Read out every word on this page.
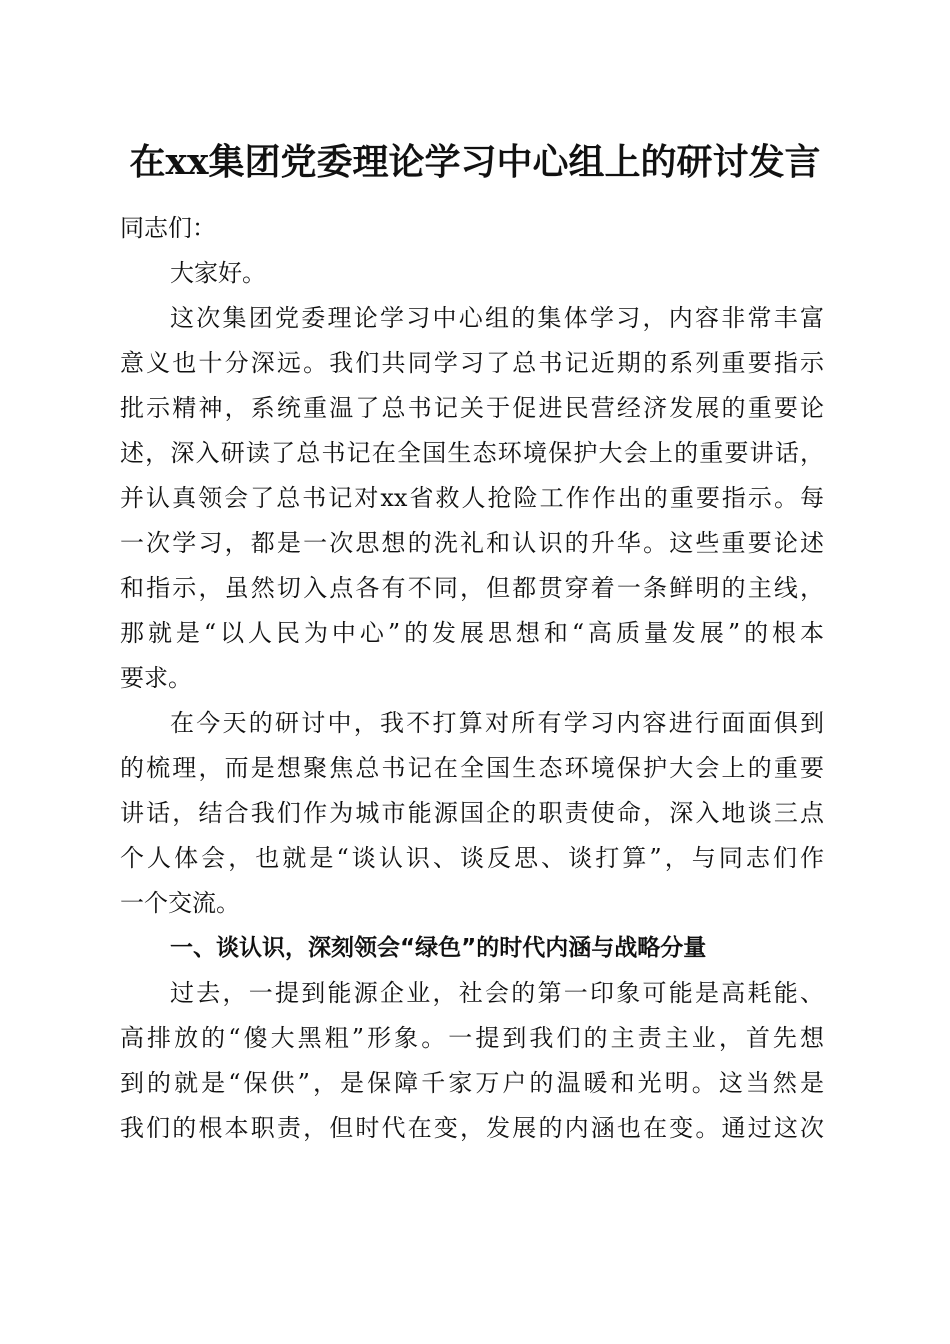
在xx集团党委理论学习中心组上的研讨发言
同志们：
大家好。
这次集团党委理论学习中心组的集体学习，内容非常丰富
意义也十分深远。我们共同学习了总书记近期的系列重要指示
批示精神，系统重温了总书记关于促进民营经济发展的重要论
述，深入研读了总书记在全国生态环境保护大会上的重要讲话，
并认真领会了总书记对xx省救人抢险工作作出的重要指示。每
一次学习，都是一次思想的洗礼和认识的升华。这些重要论述
和指示，虽然切入点各有不同，但都贯穿着一条鲜明的主线，
那就是“以人民为中心”的发展思想和“高质量发展”的根本
要求。
在今天的研讨中，我不打算对所有学习内容进行面面俱到
的梳理，而是想聚焦总书记在全国生态环境保护大会上的重要
讲话，结合我们作为城市能源国企的职责使命，深入地谈三点
个人体会，也就是“谈认识、谈反思、谈打算”，与同志们作
一个交流。
一、谈认识，深刻领会“绿色”的时代内涵与战略分量
过去，一提到能源企业，社会的第一印象可能是高耗能、
高排放的“傻大黑粗”形象。一提到我们的主责主业，首先想
到的就是“保供”，是保障千家万户的温暖和光明。这当然是
我们的根本职责，但时代在变，发展的内涵也在变。通过这次
